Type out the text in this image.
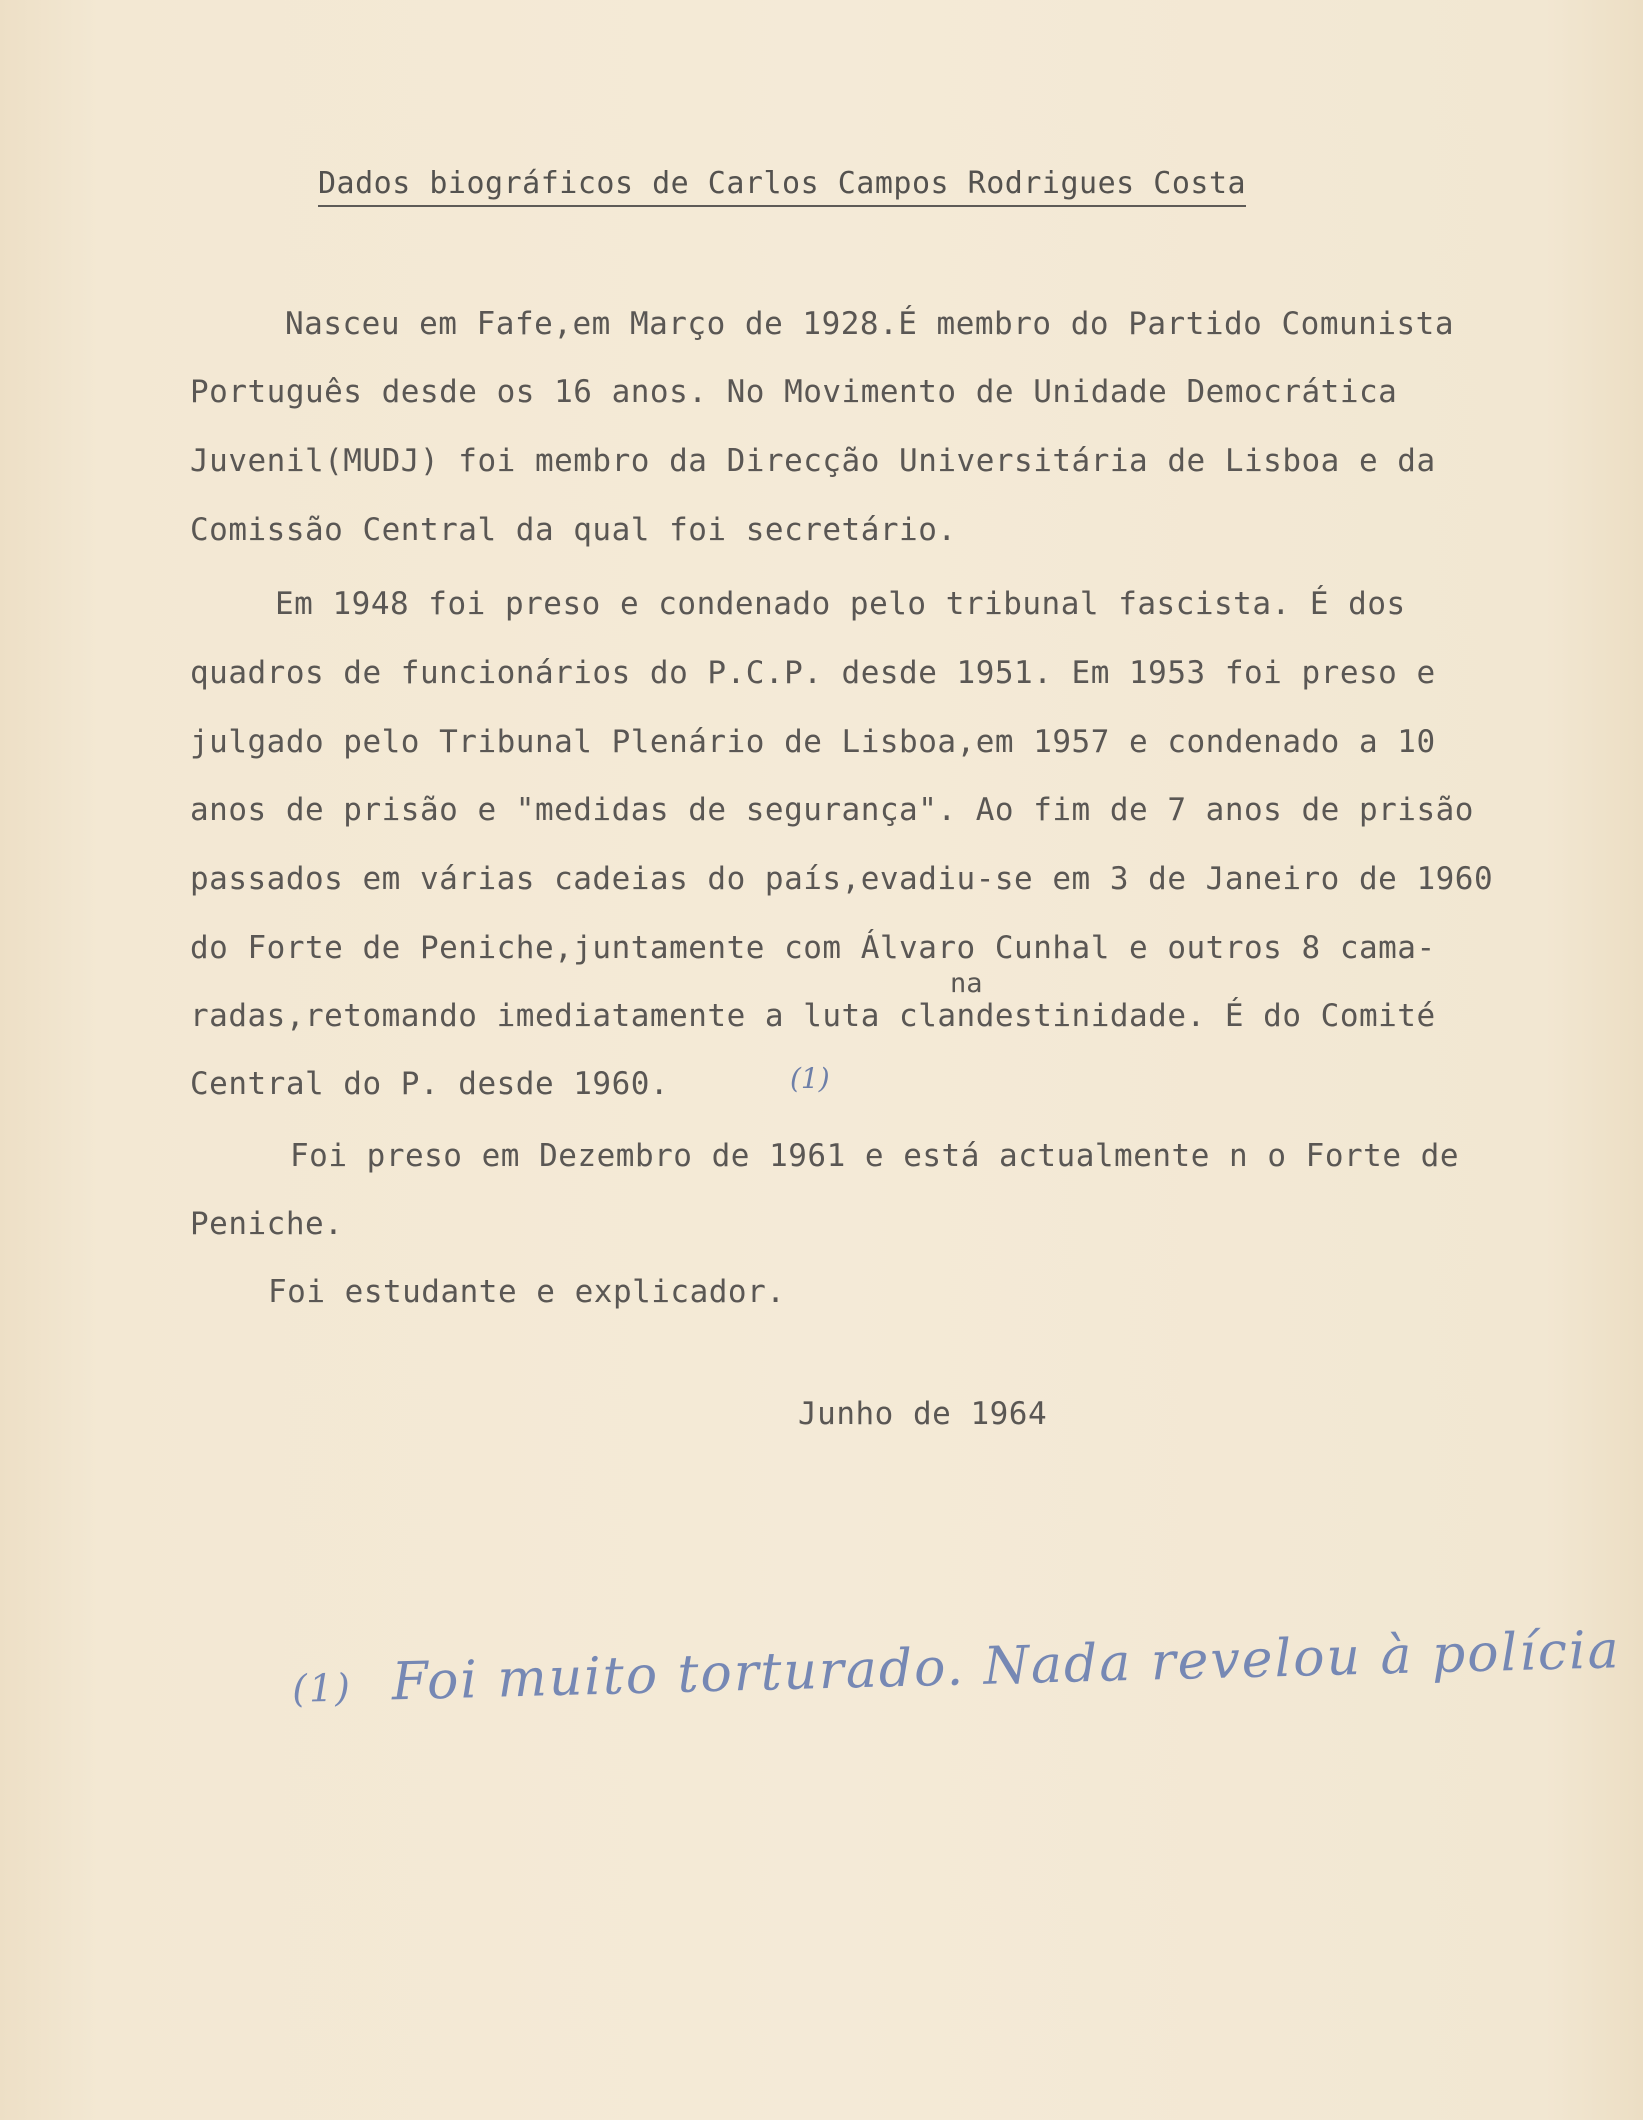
Dados biográficos de Carlos Campos Rodrigues Costa
Nasceu em Fafe,em Março de 1928.É membro do Partido Comunista
Português desde os 16 anos. No Movimento de Unidade Democrática
Juvenil(MUDJ) foi membro da Direcção Universitária de Lisboa e da
Comissão Central da qual foi secretário.
Em 1948 foi preso e condenado pelo tribunal fascista. É dos
quadros de funcionários do P.C.P. desde 1951. Em 1953 foi preso e
julgado pelo Tribunal Plenário de Lisboa,em 1957 e condenado a 10
anos de prisão e "medidas de segurança". Ao fim de 7 anos de prisão
passados em várias cadeias do país,evadiu-se em 3 de Janeiro de 1960
do Forte de Peniche,juntamente com Álvaro Cunhal e outros 8 cama-
na
radas,retomando imediatamente a luta clandestinidade. É do Comité
Central do P. desde 1960.	(1)
Foi preso em Dezembro de 1961 e está actualmente n o Forte de
Peniche.
Foi estudante e explicador.
Junho de 1964
(1) Foi muito torturado. Nada revelou à polícia
